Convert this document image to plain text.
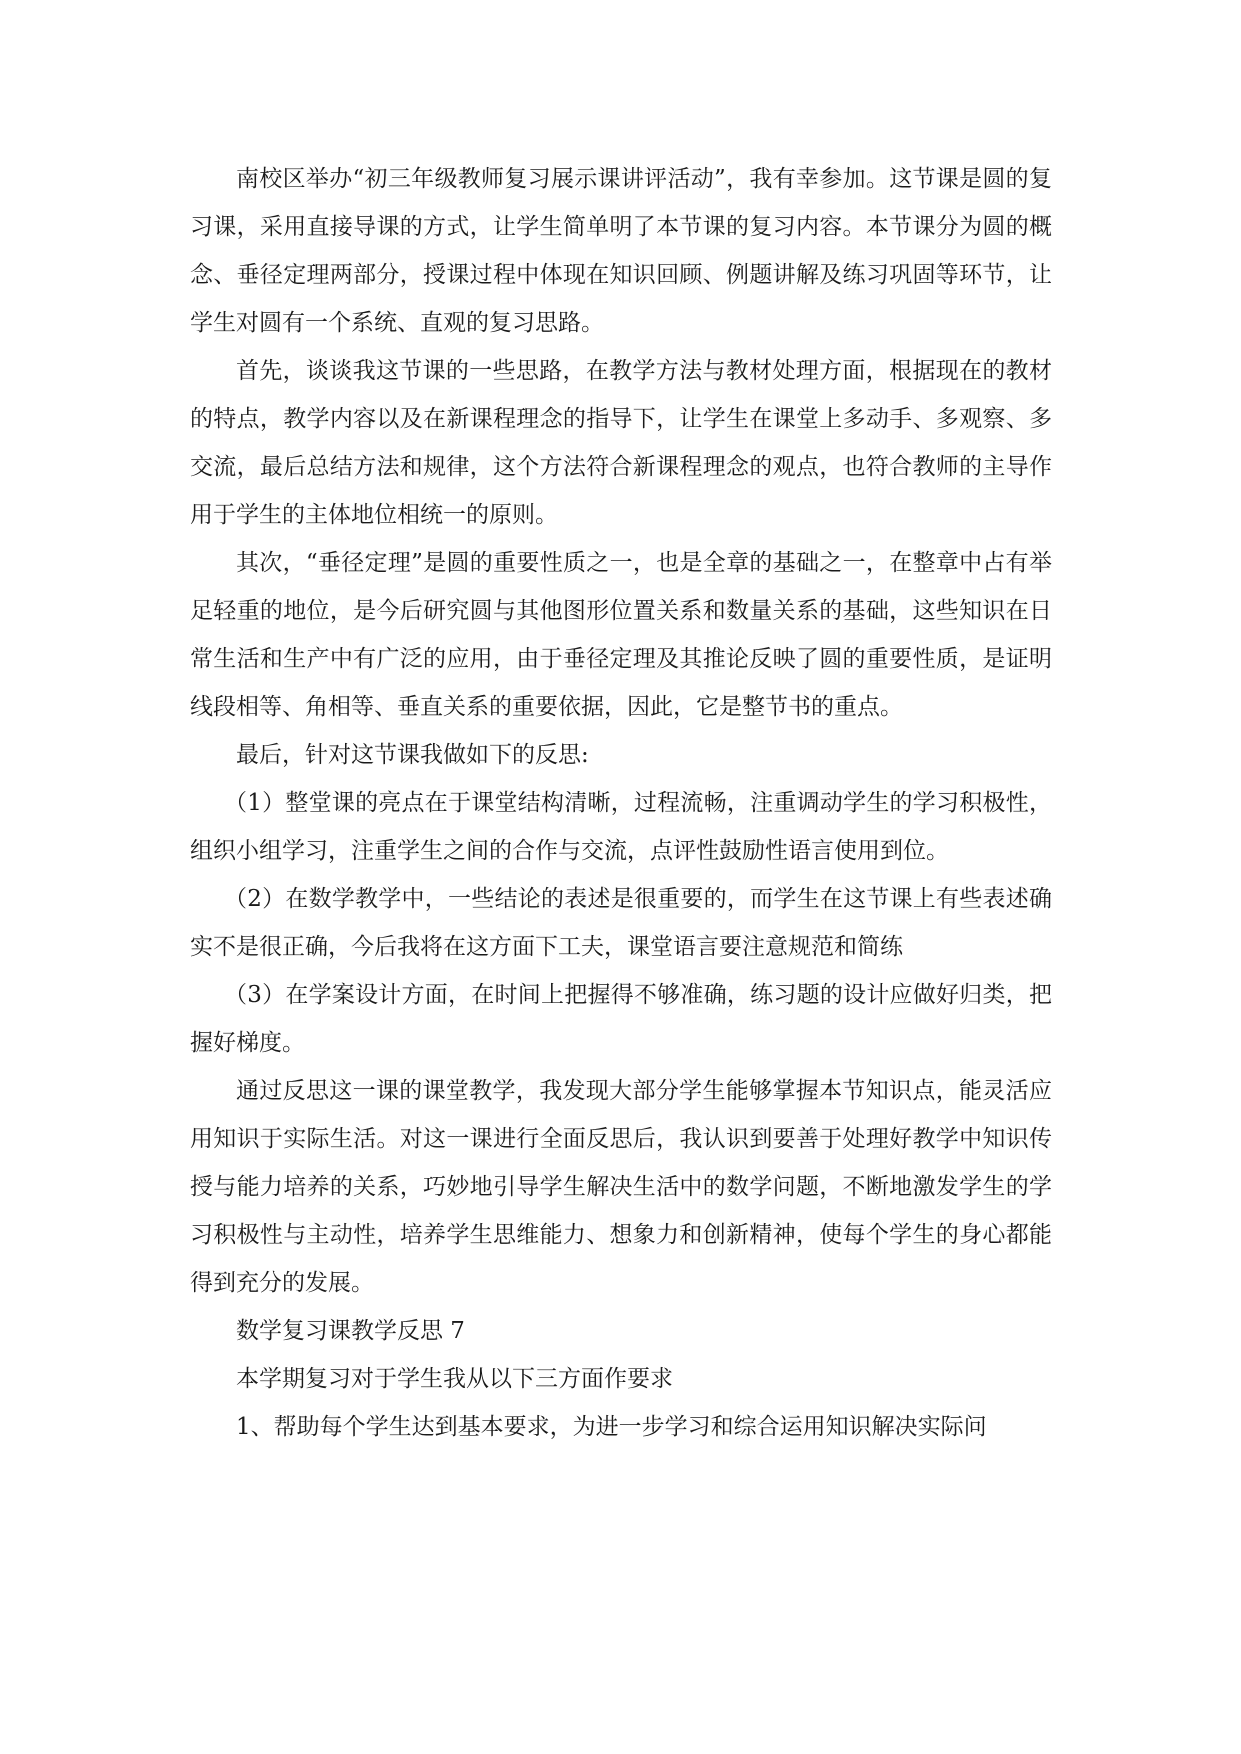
南校区举办“初三年级教师复习展示课讲评活动”，我有幸参加。这节课是圆的复习课，采用直接导课的方式，让学生简单明了本节课的复习内容。本节课分为圆的概念、垂径定理两部分，授课过程中体现在知识回顾、例题讲解及练习巩固等环节，让学生对圆有一个系统、直观的复习思路。

首先，谈谈我这节课的一些思路，在教学方法与教材处理方面，根据现在的教材的特点，教学内容以及在新课程理念的指导下，让学生在课堂上多动手、多观察、多交流，最后总结方法和规律，这个方法符合新课程理念的观点，也符合教师的主导作用于学生的主体地位相统一的原则。

其次，“垂径定理”是圆的重要性质之一，也是全章的基础之一，在整章中占有举足轻重的地位，是今后研究圆与其他图形位置关系和数量关系的基础，这些知识在日常生活和生产中有广泛的应用，由于垂径定理及其推论反映了圆的重要性质，是证明线段相等、角相等、垂直关系的重要依据，因此，它是整节书的重点。

最后，针对这节课我做如下的反思:

（1）整堂课的亮点在于课堂结构清晰，过程流畅，注重调动学生的学习积极性，组织小组学习，注重学生之间的合作与交流，点评性鼓励性语言使用到位。

（2）在数学教学中，一些结论的表述是很重要的，而学生在这节课上有些表述确实不是很正确，今后我将在这方面下工夫，课堂语言要注意规范和简练

（3）在学案设计方面，在时间上把握得不够准确，练习题的设计应做好归类，把握好梯度。

通过反思这一课的课堂教学，我发现大部分学生能够掌握本节知识点，能灵活应用知识于实际生活。对这一课进行全面反思后，我认识到要善于处理好教学中知识传授与能力培养的关系，巧妙地引导学生解决生活中的数学问题，不断地激发学生的学习积极性与主动性，培养学生思维能力、想象力和创新精神，使每个学生的身心都能得到充分的发展。

数学复习课教学反思 7

本学期复习对于学生我从以下三方面作要求

1、帮助每个学生达到基本要求，为进一步学习和综合运用知识解决实际问
